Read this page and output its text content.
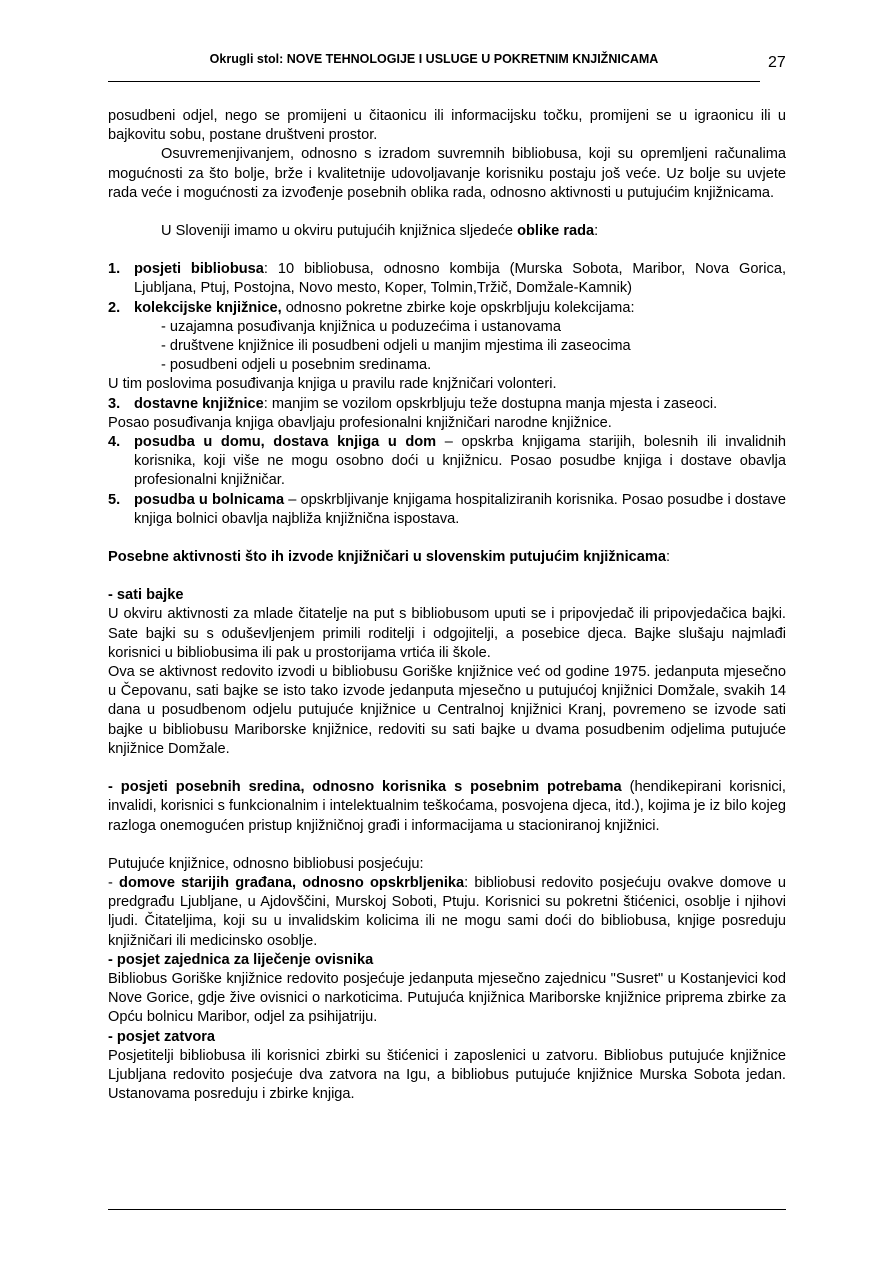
Okrugli stol: NOVE TEHNOLOGIJE I USLUGE U POKRETNIM KNJIŽNICAMA	27

posudbeni odjel, nego se promijeni u čitaonicu ili informacijsku točku, promijeni se u igraonicu ili u bajkovitu sobu, postane društveni prostor.

Osuvremenjivanjem, odnosno s izradom suvremnih bibliobusa, koji su opremljeni računalima mogućnosti za što bolje, brže i kvalitetnije udovoljavanje korisniku postaju još veće. Uz bolje su uvjete rada veće i mogućnosti za izvođenje posebnih oblika rada, odnosno aktivnosti u putujućim knjižnicama.

U Sloveniji imamo u okviru putujućih knjižnica sljedeće oblike rada:

1. posjeti bibliobusa: 10 bibliobusa, odnosno kombija (Murska Sobota, Maribor, Nova Gorica, Ljubljana, Ptuj, Postojna, Novo mesto, Koper, Tolmin,Tržič, Domžale-Kamnik)
2. kolekcijske knjižnice, odnosno pokretne zbirke koje opskrbljuju kolekcijama:

- uzajamna posuđivanja knjižnica u poduzećima i ustanovama

- društvene knjižnice ili posudbeni odjeli u manjim mjestima ili zaseocima

- posudbeni odjeli u posebnim sredinama.

U tim poslovima posuđivanja knjiga u pravilu rade knjžničari volonteri.

3. dostavne knjižnice: manjim se vozilom opskrbljuju teže dostupna manja mjesta i zaseoci.

Posao posuđivanja knjiga obavljaju profesionalni knjižničari narodne knjižnice.

4. posudba u domu, dostava knjiga u dom – opskrba knjigama starijih, bolesnih ili invalidnih korisnika, koji više ne mogu osobno doći u knjižnicu. Posao posudbe knjiga i dostave obavlja profesionalni knjižničar.
5. posudba u bolnicama – opskrbljivanje knjigama hospitaliziranih korisnika. Posao posudbe i dostave knjiga bolnici obavlja najbliža knjižnična ispostava.

Posebne aktivnosti što ih izvode knjižničari u slovenskim putujućim knjižnicama:

- sati bajke

U okviru aktivnosti za mlade čitatelje na put s bibliobusom uputi se i pripovjedač ili pripovjedačica bajki. Sate bajki su s oduševljenjem primili roditelji i odgojitelji, a posebice djeca. Bajke slušaju najmlađi korisnici u bibliobusima ili pak u prostorijama vrtića ili škole.

Ova se aktivnost redovito izvodi u bibliobusu Goriške knjižnice već od godine 1975. jedanputa mjesečno u Čepovanu, sati bajke se isto tako izvode jedanputa mjesečno u putujućoj knjižnici Domžale, svakih 14 dana u posudbenom odjelu putujuće knjižnice u Centralnoj knjižnici Kranj, povremeno se izvode sati bajke u bibliobusu Mariborske knjižnice, redoviti su sati bajke u dvama posudbenim odjelima putujuće knjižnice Domžale.

- posjeti posebnih sredina, odnosno korisnika s posebnim potrebama (hendikepirani korisnici, invalidi, korisnici s funkcionalnim i intelektualnim teškoćama, posvojena djeca, itd.), kojima je iz bilo kojeg razloga onemogućen pristup knjižničnoj građi i informacijama u stacioniranoj knjižnici.

Putujuće knjižnice, odnosno bibliobusi posjećuju:

- domove starijih građana, odnosno opskrbljenika: bibliobusi redovito posjećuju ovakve domove u predgrađu Ljubljane, u Ajdovščini, Murskoj Soboti, Ptuju. Korisnici su pokretni štićenici, osoblje i njihovi ljudi. Čitateljima, koji su u invalidskim kolicima ili ne mogu sami doći do bibliobusa, knjige posreduju knjižničari ili medicinsko osoblje.

- posjet zajednica za liječenje ovisnika

Bibliobus Goriške knjižnice redovito posjećuje jedanputa mjesečno zajednicu "Susret" u Kostanjevici kod Nove Gorice, gdje žive ovisnici o narkoticima. Putujuća knjižnica Mariborske knjižnice priprema zbirke za Opću bolnicu Maribor, odjel za psihijatriju.

- posjet zatvora

Posjetitelji bibliobusa ili korisnici zbirki su štićenici i zaposlenici u zatvoru. Bibliobus putujuće knjižnice Ljubljana redovito posjećuje dva zatvora na Igu, a bibliobus putujuće knjižnice Murska Sobota jedan. Ustanovama posreduju i zbirke knjiga.
